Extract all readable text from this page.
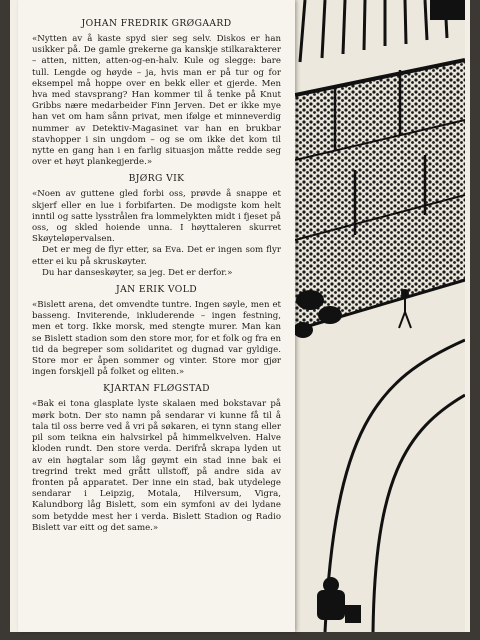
JOHAN FREDRIK GRØGAARD

«Nytten av å kaste spyd sier seg selv. Diskos er han usikker på. De gamle grekerne ga kanskje stilkarakterer – atten, nitten, atten-og-en-halv. Kule og slegge: bare tull. Lengde og høyde – ja, hvis man er på tur og for eksempel må hoppe over en bekk eller et gjerde. Men hva med stavsprang? Han kommer til å tenke på Knut Gribbs nære medarbeider Finn Jerven. Det er ikke mye han vet om ham sånn privat, men ifølge et minneverdig nummer av Detektiv-Magasinet var han en brukbar stavhopper i sin ungdom – og se om ikke det kom til nytte en gang han i en farlig situasjon måtte redde seg over et høyt plankegjerde.»

BJØRG VIK

«Noen av guttene gled forbi oss, prøvde å snappe et skjerf eller en lue i forbifarten. De modigste kom helt inntil og satte lysstrålen fra lommelykten midt i fjeset på oss, og skled hoiende unna. I høyttaleren skurret Skøyteløpervalsen.

Det er meg de flyr etter, sa Eva. Det er ingen som flyr etter ei ku på skruskøyter.

Du har danseskøyter, sa jeg. Det er derfor.»

JAN ERIK VOLD

«Bislett arena, det omvendte tuntre. Ingen søyle, men et basseng. Inviterende, inkluderende – ingen festning, men et torg. Ikke morsk, med stengte murer. Man kan se Bislett stadion som den store mor, for et folk og fra en tid da begreper som solidaritet og dugnad var gyldige. Store mor er åpen sommer og vinter. Store mor gjør ingen forskjell på folket og eliten.»

KJARTAN FLØGSTAD

«Bak ei tona glasplate lyste skalaen med bokstavar på mørk botn. Der sto namn på sendarar vi kunne få til å tala til oss berre ved å vri på søkaren, ei tynn stang eller pil som teikna ein halvsirkel på himmelkvelven. Halve kloden rundt. Den store verda. Derifrå skrapa lyden ut av ein høgtalar som låg gøymt ein stad inne bak ei tregrind trekt med grått ullstoff, på andre sida av fronten på apparatet. Der inne ein stad, bak utydelege sendarar i Leipzig, Motala, Hilversum, Vigra, Kalundborg låg Bislett, som ein symfoni av dei lydane som betydde mest her i verda. Bislett Stadion og Radio Bislett var eitt og det same.»
